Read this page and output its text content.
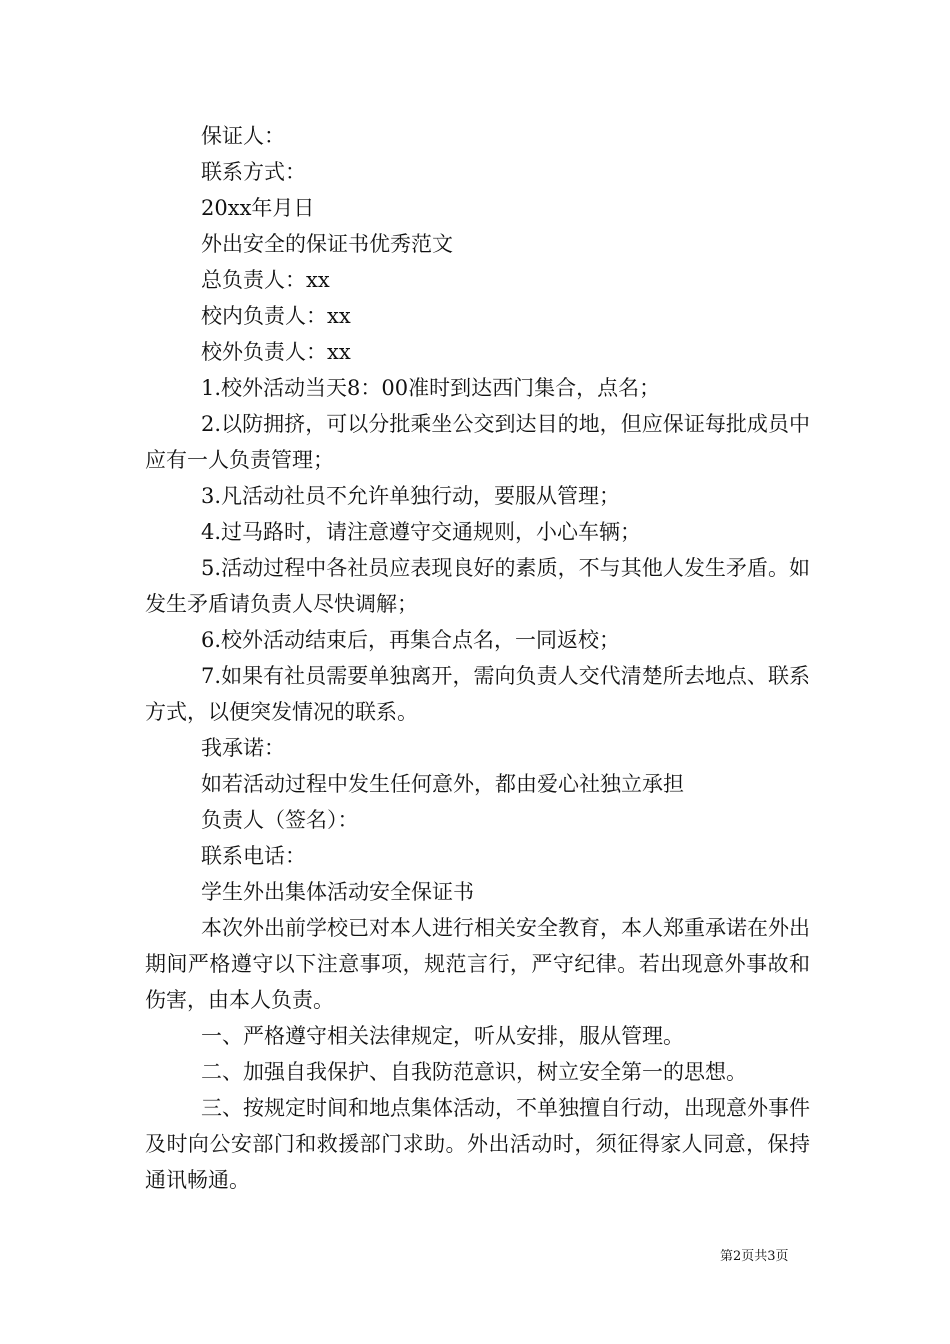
保证人：

联系方式：

20xx年月日

外出安全的保证书优秀范文

总负责人：xx

校内负责人：xx

校外负责人：xx

1.校外活动当天8：00准时到达西门集合，点名；

2.以防拥挤，可以分批乘坐公交到达目的地，但应保证每批成员中应有一人负责管理；

3.凡活动社员不允许单独行动，要服从管理；

4.过马路时，请注意遵守交通规则，小心车辆；

5.活动过程中各社员应表现良好的素质，不与其他人发生矛盾。如发生矛盾请负责人尽快调解；

6.校外活动结束后，再集合点名，一同返校；

7.如果有社员需要单独离开，需向负责人交代清楚所去地点、联系方式，以便突发情况的联系。

我承诺：

如若活动过程中发生任何意外，都由爱心社独立承担

负责人（签名）：

联系电话：

学生外出集体活动安全保证书

本次外出前学校已对本人进行相关安全教育，本人郑重承诺在外出期间严格遵守以下注意事项，规范言行，严守纪律。若出现意外事故和伤害，由本人负责。

一、严格遵守相关法律规定，听从安排，服从管理。

二、加强自我保护、自我防范意识，树立安全第一的思想。

三、按规定时间和地点集体活动，不单独擅自行动，出现意外事件及时向公安部门和救援部门求助。外出活动时，须征得家人同意，保持通讯畅通。

第2页共3页
